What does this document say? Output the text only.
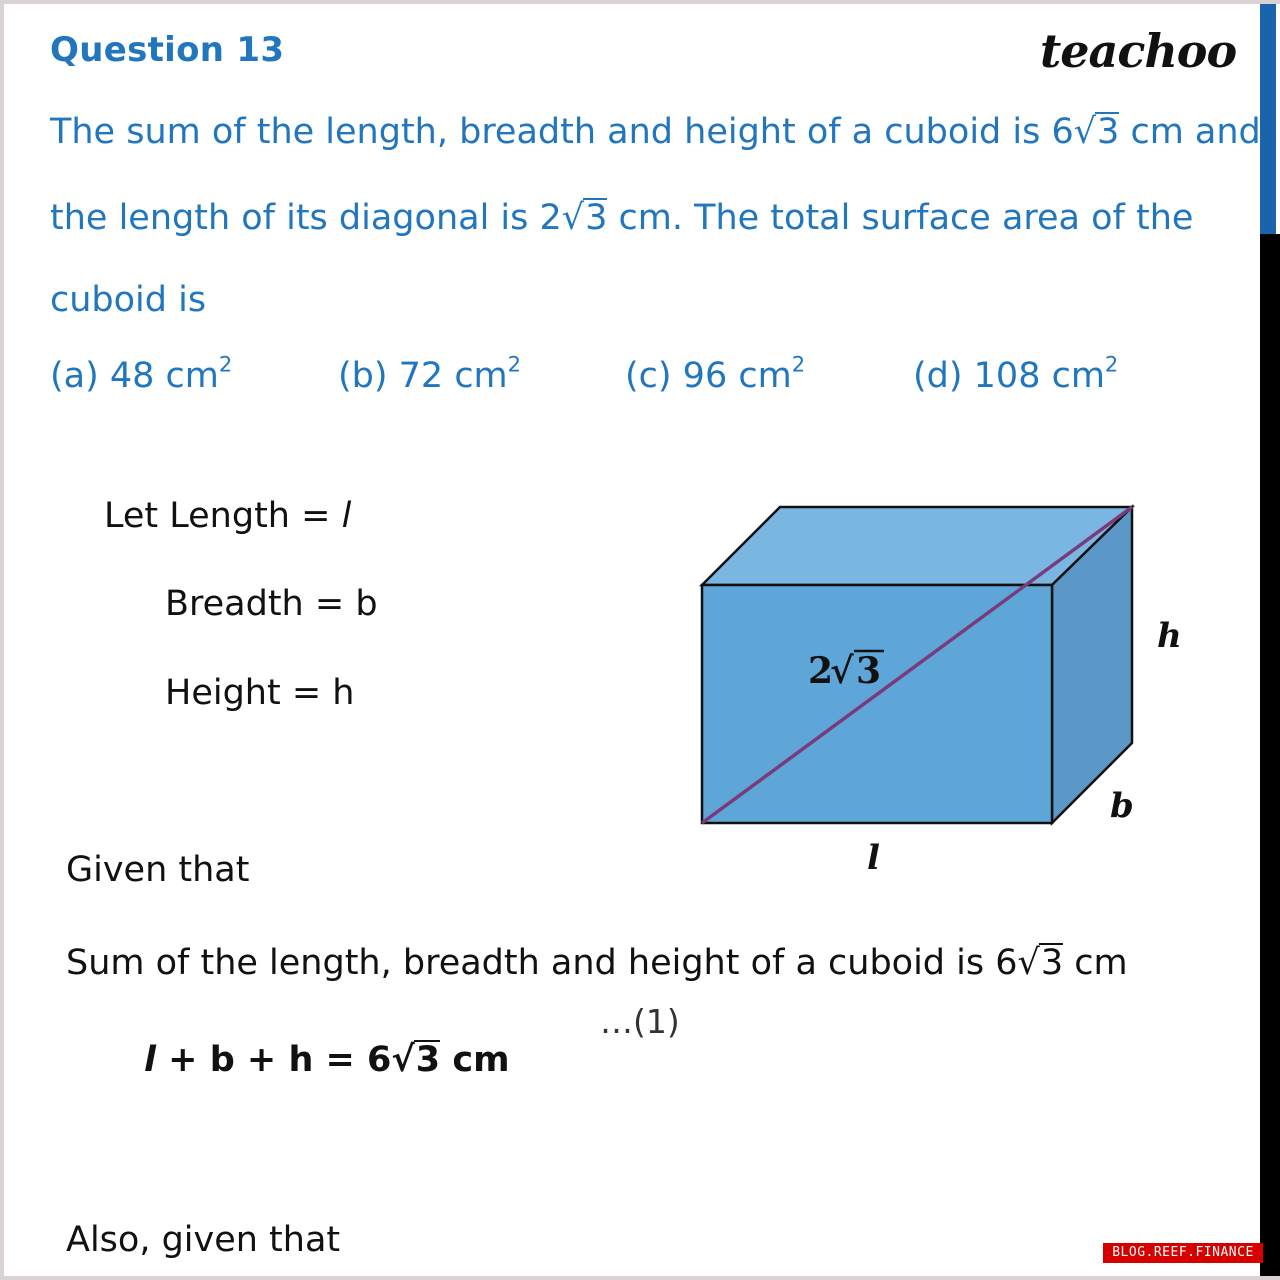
Question 13	teachoo
The sum of the length, breadth and height of a cuboid is 6√3 cm and
the length of its diagonal is 2√3 cm. The total surface area of the
cuboid is
(a) 48 $cm^2$	(b) 72 $cm^2$	(c) 96 $cm^2$	(d) 108 $cm^2$
Let Length = l
Breadth = b
Height = h
Given that
Sum of the length, breadth and height of a cuboid is 6√3 cm
…(1)
l + b + h = 6√3 cm
Also, given that
2
√ 3
h
b
l
BLOG.REEF.FINANCE
